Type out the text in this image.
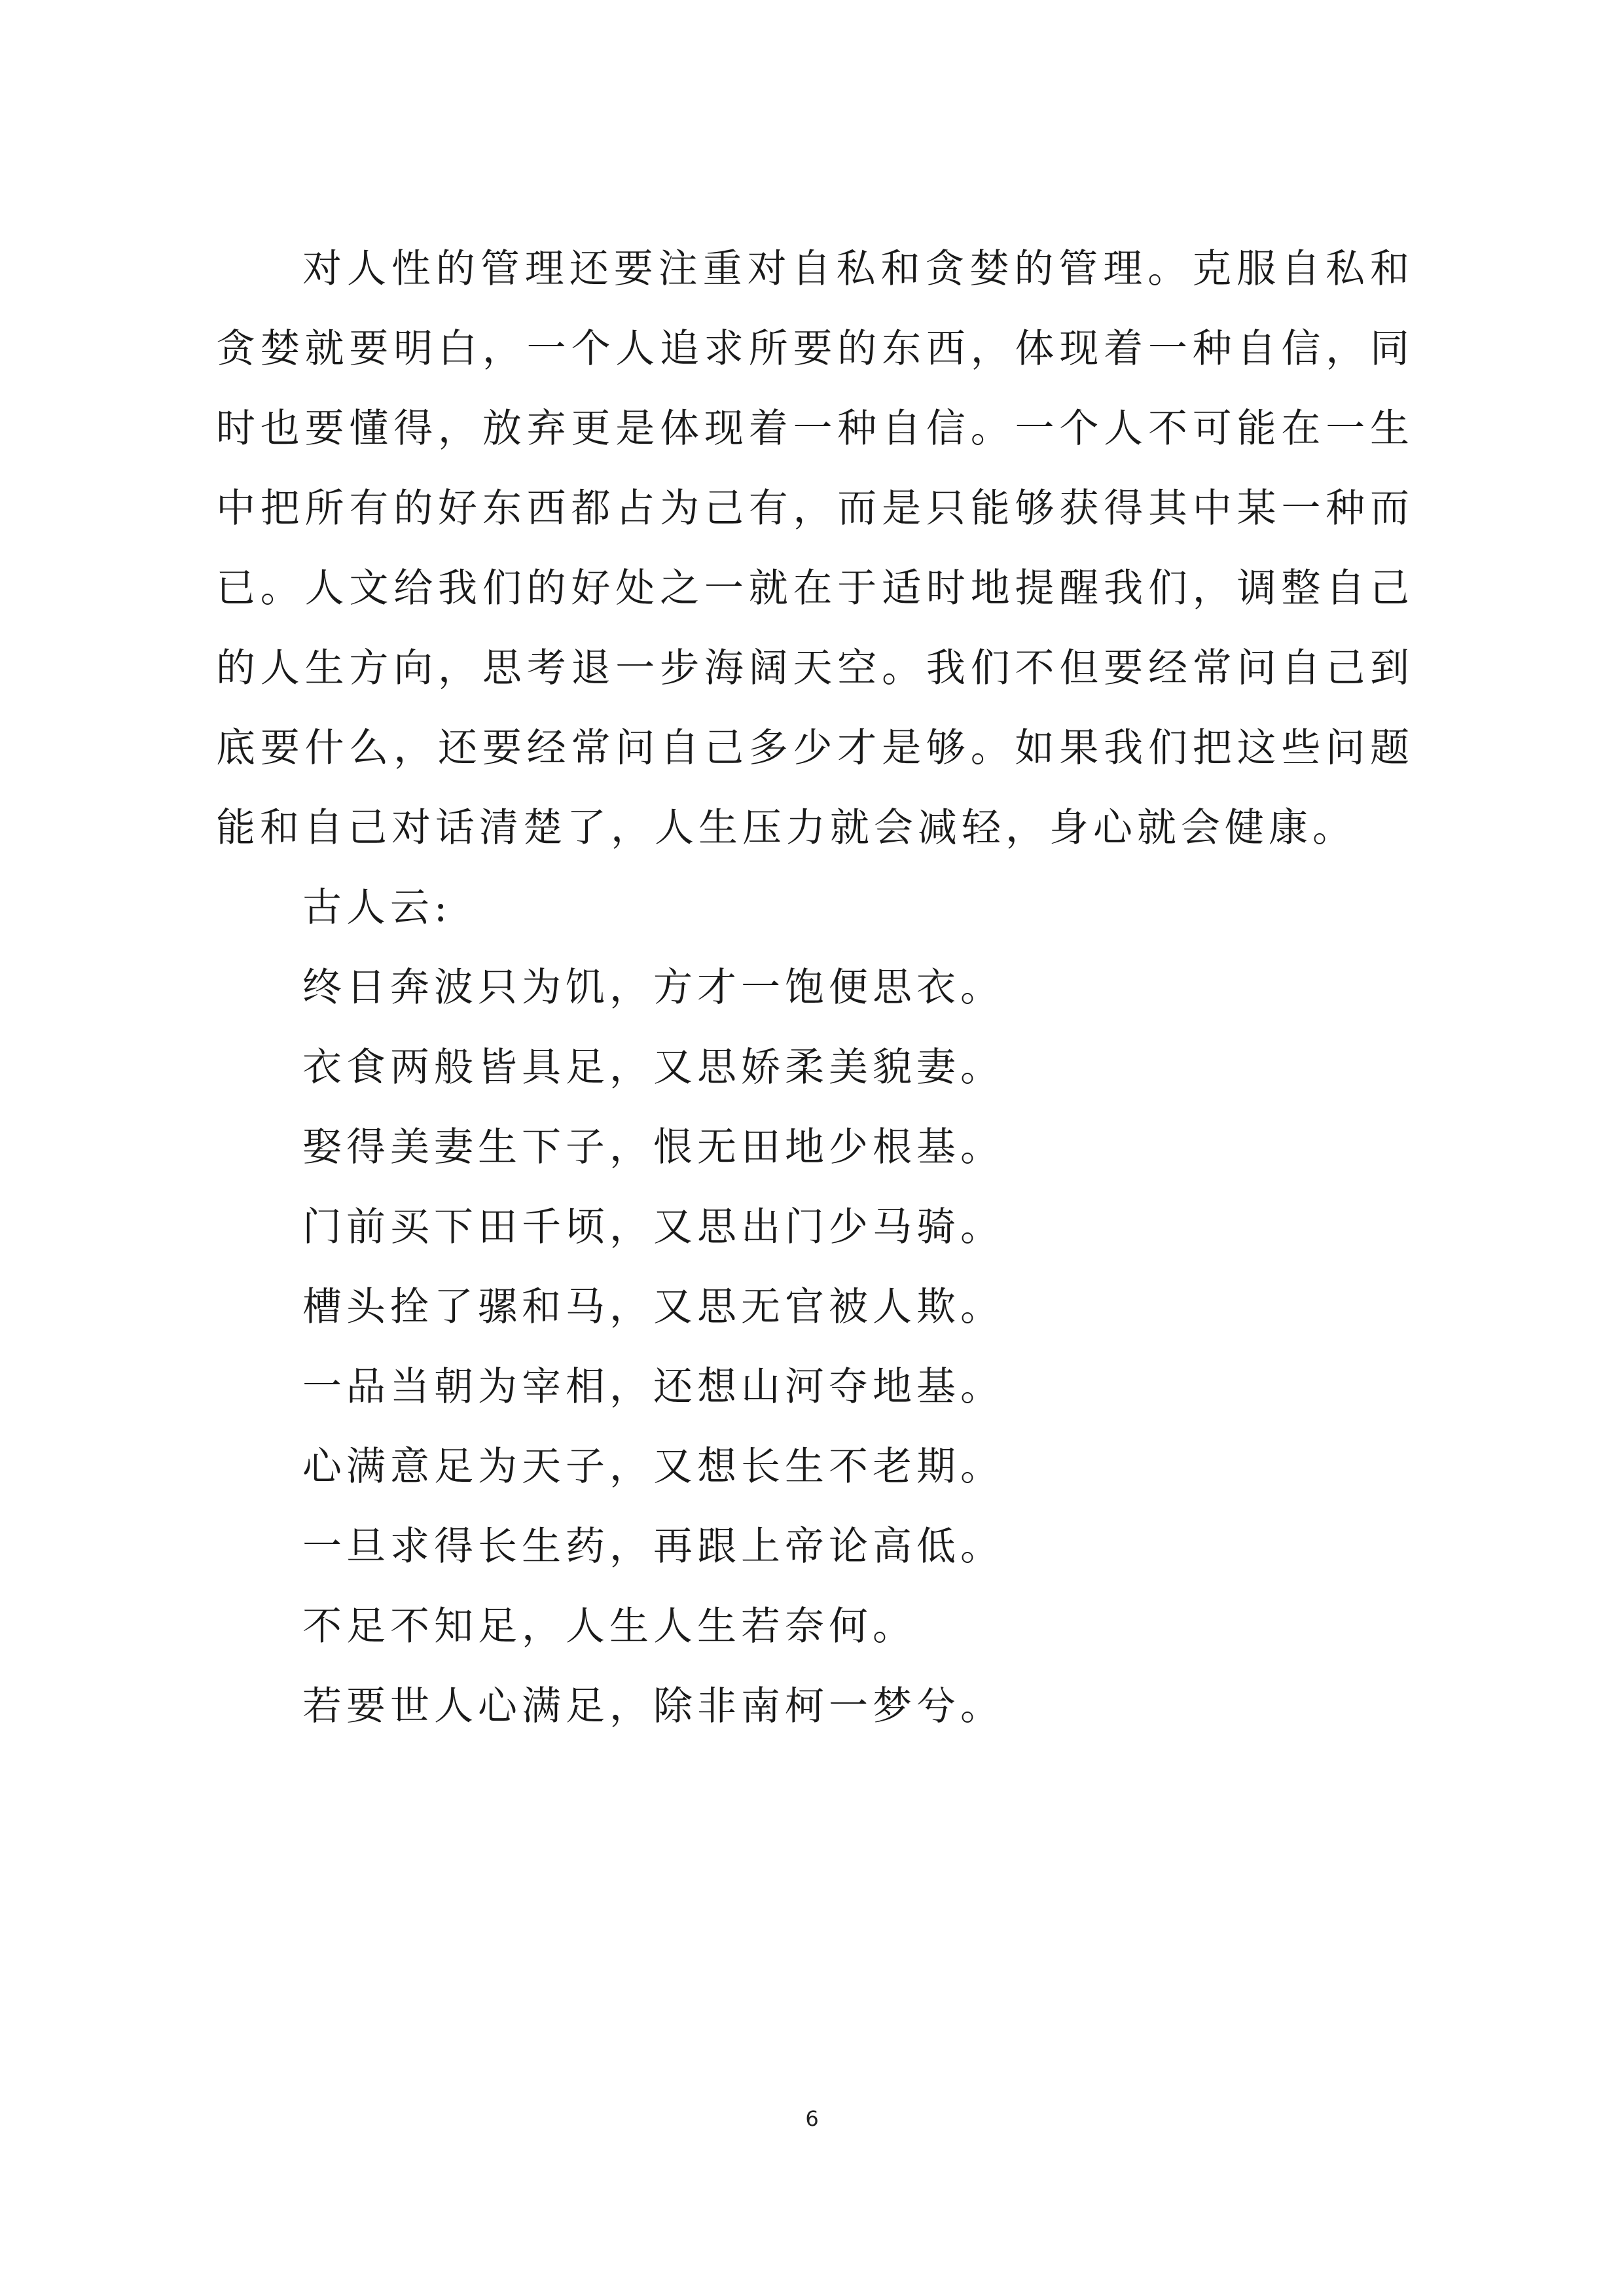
对人性的管理还要注重对自私和贪婪的管理。克服自私和贪婪就要明白，一个人追求所要的东西，体现着一种自信，同时也要懂得，放弃更是体现着一种自信。一个人不可能在一生中把所有的好东西都占为己有，而是只能够获得其中某一种而已。人文给我们的好处之一就在于适时地提醒我们，调整自己的人生方向，思考退一步海阔天空。我们不但要经常问自己到底要什么，还要经常问自己多少才是够。如果我们把这些问题能和自己对话清楚了，人生压力就会减轻，身心就会健康。

古人云:

终日奔波只为饥，方才一饱便思衣。

衣食两般皆具足，又思娇柔美貌妻。

娶得美妻生下子，恨无田地少根基。

门前买下田千顷，又思出门少马骑。

槽头拴了骡和马，又思无官被人欺。

一品当朝为宰相，还想山河夺地基。

心满意足为天子，又想长生不老期。

一旦求得长生药，再跟上帝论高低。

不足不知足，人生人生若奈何。

若要世人心满足，除非南柯一梦兮。

6
